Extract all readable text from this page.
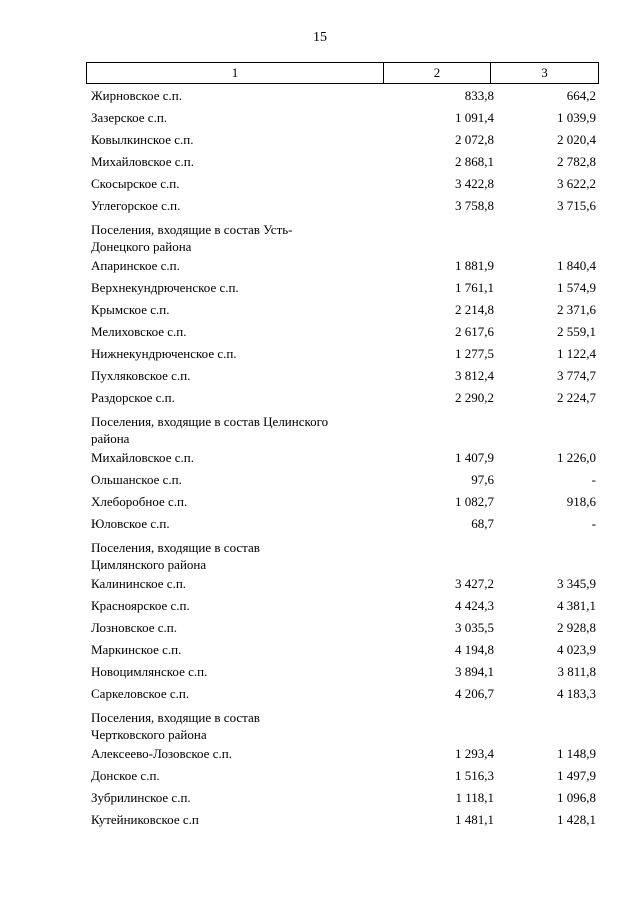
15
1	2	3
Жирновское с.п.	833,8	664,2
Зазерское с.п.	1 091,4	1 039,9
Ковылкинское с.п.	2 072,8	2 020,4
Михайловское с.п.	2 868,1	2 782,8
Скосырское с.п.	3 422,8	3 622,2
Углегорское с.п.	3 758,8	3 715,6
Поселения, входящие в состав Усть-
Донецкого района
Апаринское с.п.	1 881,9	1 840,4
Верхнекундрюченское с.п.	1 761,1	1 574,9
Крымское с.п.	2 214,8	2 371,6
Мелиховское с.п.	2 617,6	2 559,1
Нижнекундрюченское с.п.	1 277,5	1 122,4
Пухляковское с.п.	3 812,4	3 774,7
Раздорское с.п.	2 290,2	2 224,7
Поселения, входящие в состав Целинского
района
Михайловское с.п.	1 407,9	1 226,0
Ольшанское с.п.	97,6	-
Хлеборобное с.п.	1 082,7	918,6
Юловское с.п.	68,7	-
Поселения, входящие в состав
Цимлянского района
Калининское с.п.	3 427,2	3 345,9
Красноярское с.п.	4 424,3	4 381,1
Лозновское с.п.	3 035,5	2 928,8
Маркинское с.п.	4 194,8	4 023,9
Новоцимлянское с.п.	3 894,1	3 811,8
Саркеловское с.п.	4 206,7	4 183,3
Поселения, входящие в состав
Чертковского района
Алексеево-Лозовское с.п.	1 293,4	1 148,9
Донское с.п.	1 516,3	1 497,9
Зубрилинское с.п.	1 118,1	1 096,8
Кутейниковское с.п	1 481,1	1 428,1
